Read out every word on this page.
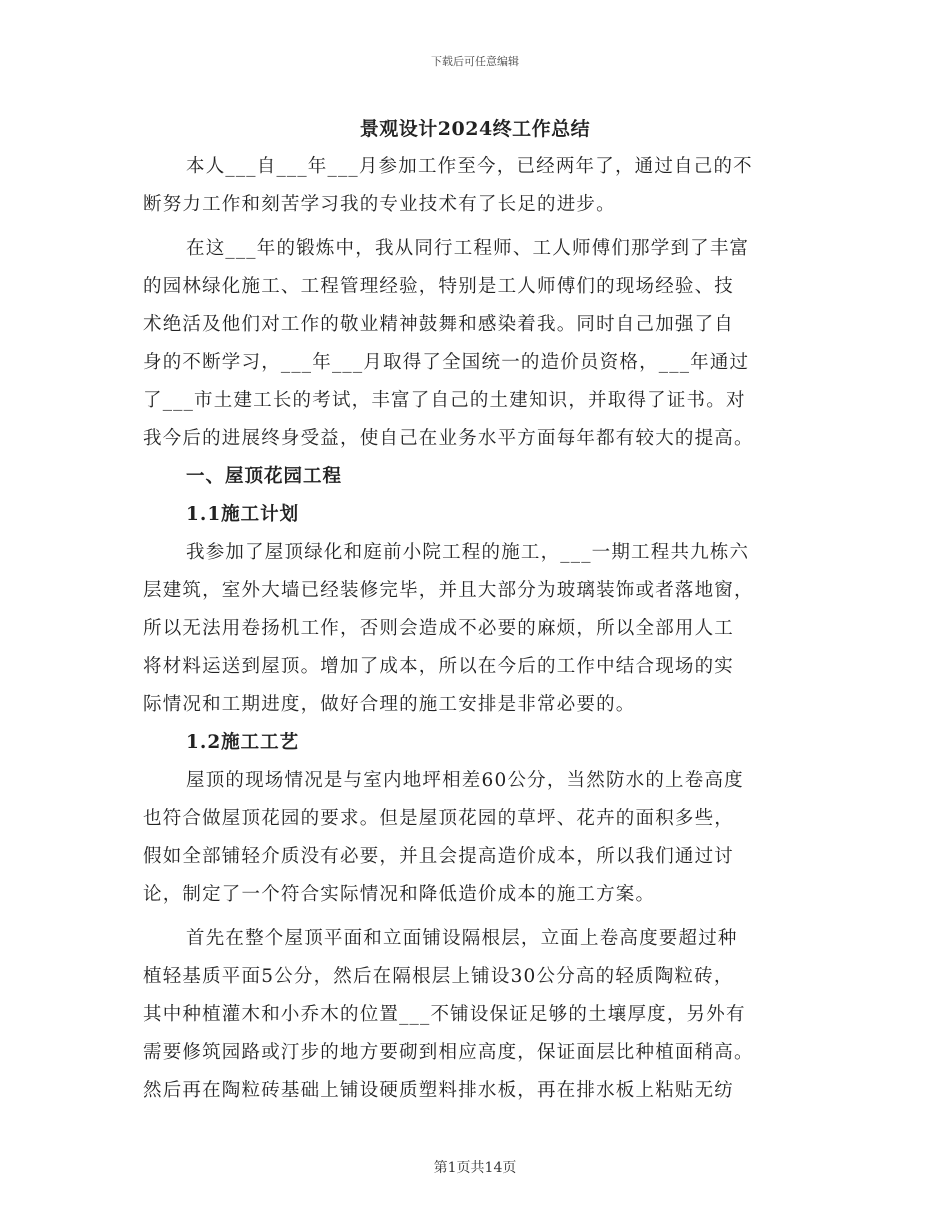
下载后可任意编辑
景观设计2024终工作总结
本人___自___年___月参加工作至今，已经两年了，通过自己的不
断努力工作和刻苦学习我的专业技术有了长足的进步。
在这___年的锻炼中，我从同行工程师、工人师傅们那学到了丰富
的园林绿化施工、工程管理经验，特别是工人师傅们的现场经验、技
术绝活及他们对工作的敬业精神鼓舞和感染着我。同时自己加强了自
身的不断学习，___年___月取得了全国统一的造价员资格，___年通过
了___市土建工长的考试，丰富了自己的土建知识，并取得了证书。对
我今后的进展终身受益，使自己在业务水平方面每年都有较大的提高。
一、屋顶花园工程
1.1施工计划
我参加了屋顶绿化和庭前小院工程的施工，___一期工程共九栋六
层建筑，室外大墙已经装修完毕，并且大部分为玻璃装饰或者落地窗，
所以无法用卷扬机工作，否则会造成不必要的麻烦，所以全部用人工
将材料运送到屋顶。增加了成本，所以在今后的工作中结合现场的实
际情况和工期进度，做好合理的施工安排是非常必要的。
1.2施工工艺
屋顶的现场情况是与室内地坪相差60公分，当然防水的上卷高度
也符合做屋顶花园的要求。但是屋顶花园的草坪、花卉的面积多些，
假如全部铺轻介质没有必要，并且会提高造价成本，所以我们通过讨
论，制定了一个符合实际情况和降低造价成本的施工方案。
首先在整个屋顶平面和立面铺设隔根层，立面上卷高度要超过种
植轻基质平面5公分，然后在隔根层上铺设30公分高的轻质陶粒砖，
其中种植灌木和小乔木的位置___不铺设保证足够的土壤厚度，另外有
需要修筑园路或汀步的地方要砌到相应高度，保证面层比种植面稍高。
然后再在陶粒砖基础上铺设硬质塑料排水板，再在排水板上粘贴无纺
第1页共14页
